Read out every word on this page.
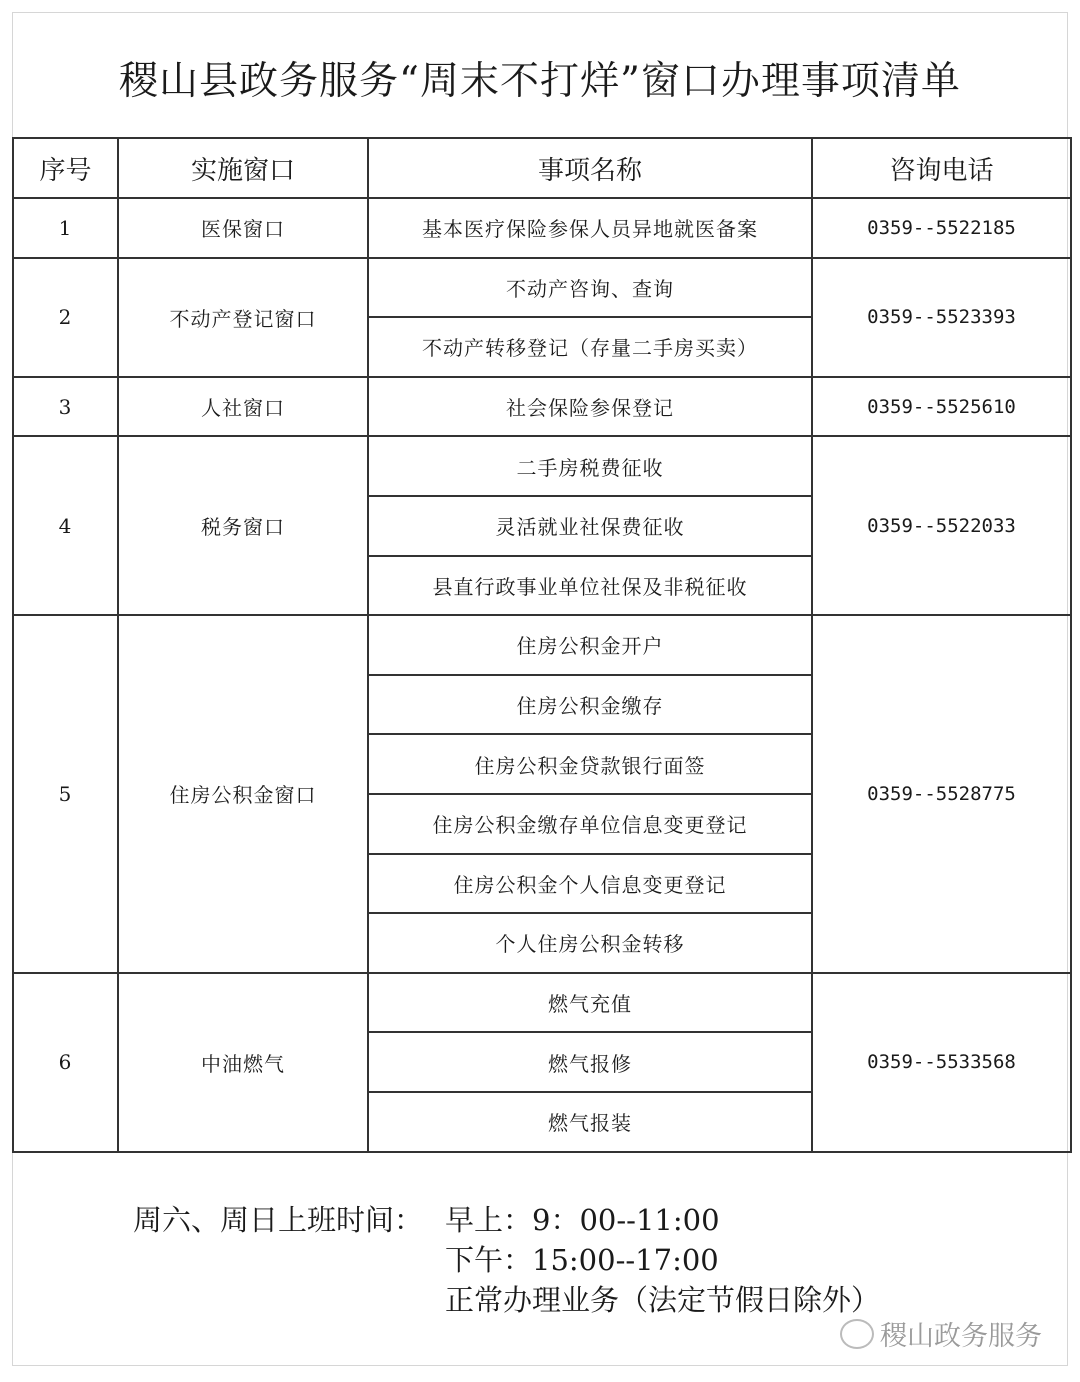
稷山县政务服务“周末不打烊”窗口办理事项清单
序号	实施窗口	事项名称	咨询电话
1	医保窗口	基本医疗保险参保人员异地就医备案	0359--5522185
2	不动产登记窗口	不动产咨询、查询	0359--5523393
		不动产转移登记（存量二手房买卖）	
3	人社窗口	社会保险参保登记	0359--5525610
4	税务窗口	二手房税费征收	0359--5522033
		灵活就业社保费征收	
		县直行政事业单位社保及非税征收	
5	住房公积金窗口	住房公积金开户	0359--5528775
		住房公积金缴存	
		住房公积金贷款银行面签	
		住房公积金缴存单位信息变更登记	
		住房公积金个人信息变更登记	
		个人住房公积金转移	
6	中油燃气	燃气充值	0359--5533568
		燃气报修	
		燃气报装	
周六、周日上班时间： 早上：9：00--11:00
下午：15:00--17:00
正常办理业务（法定节假日除外）
稷山政务服务
